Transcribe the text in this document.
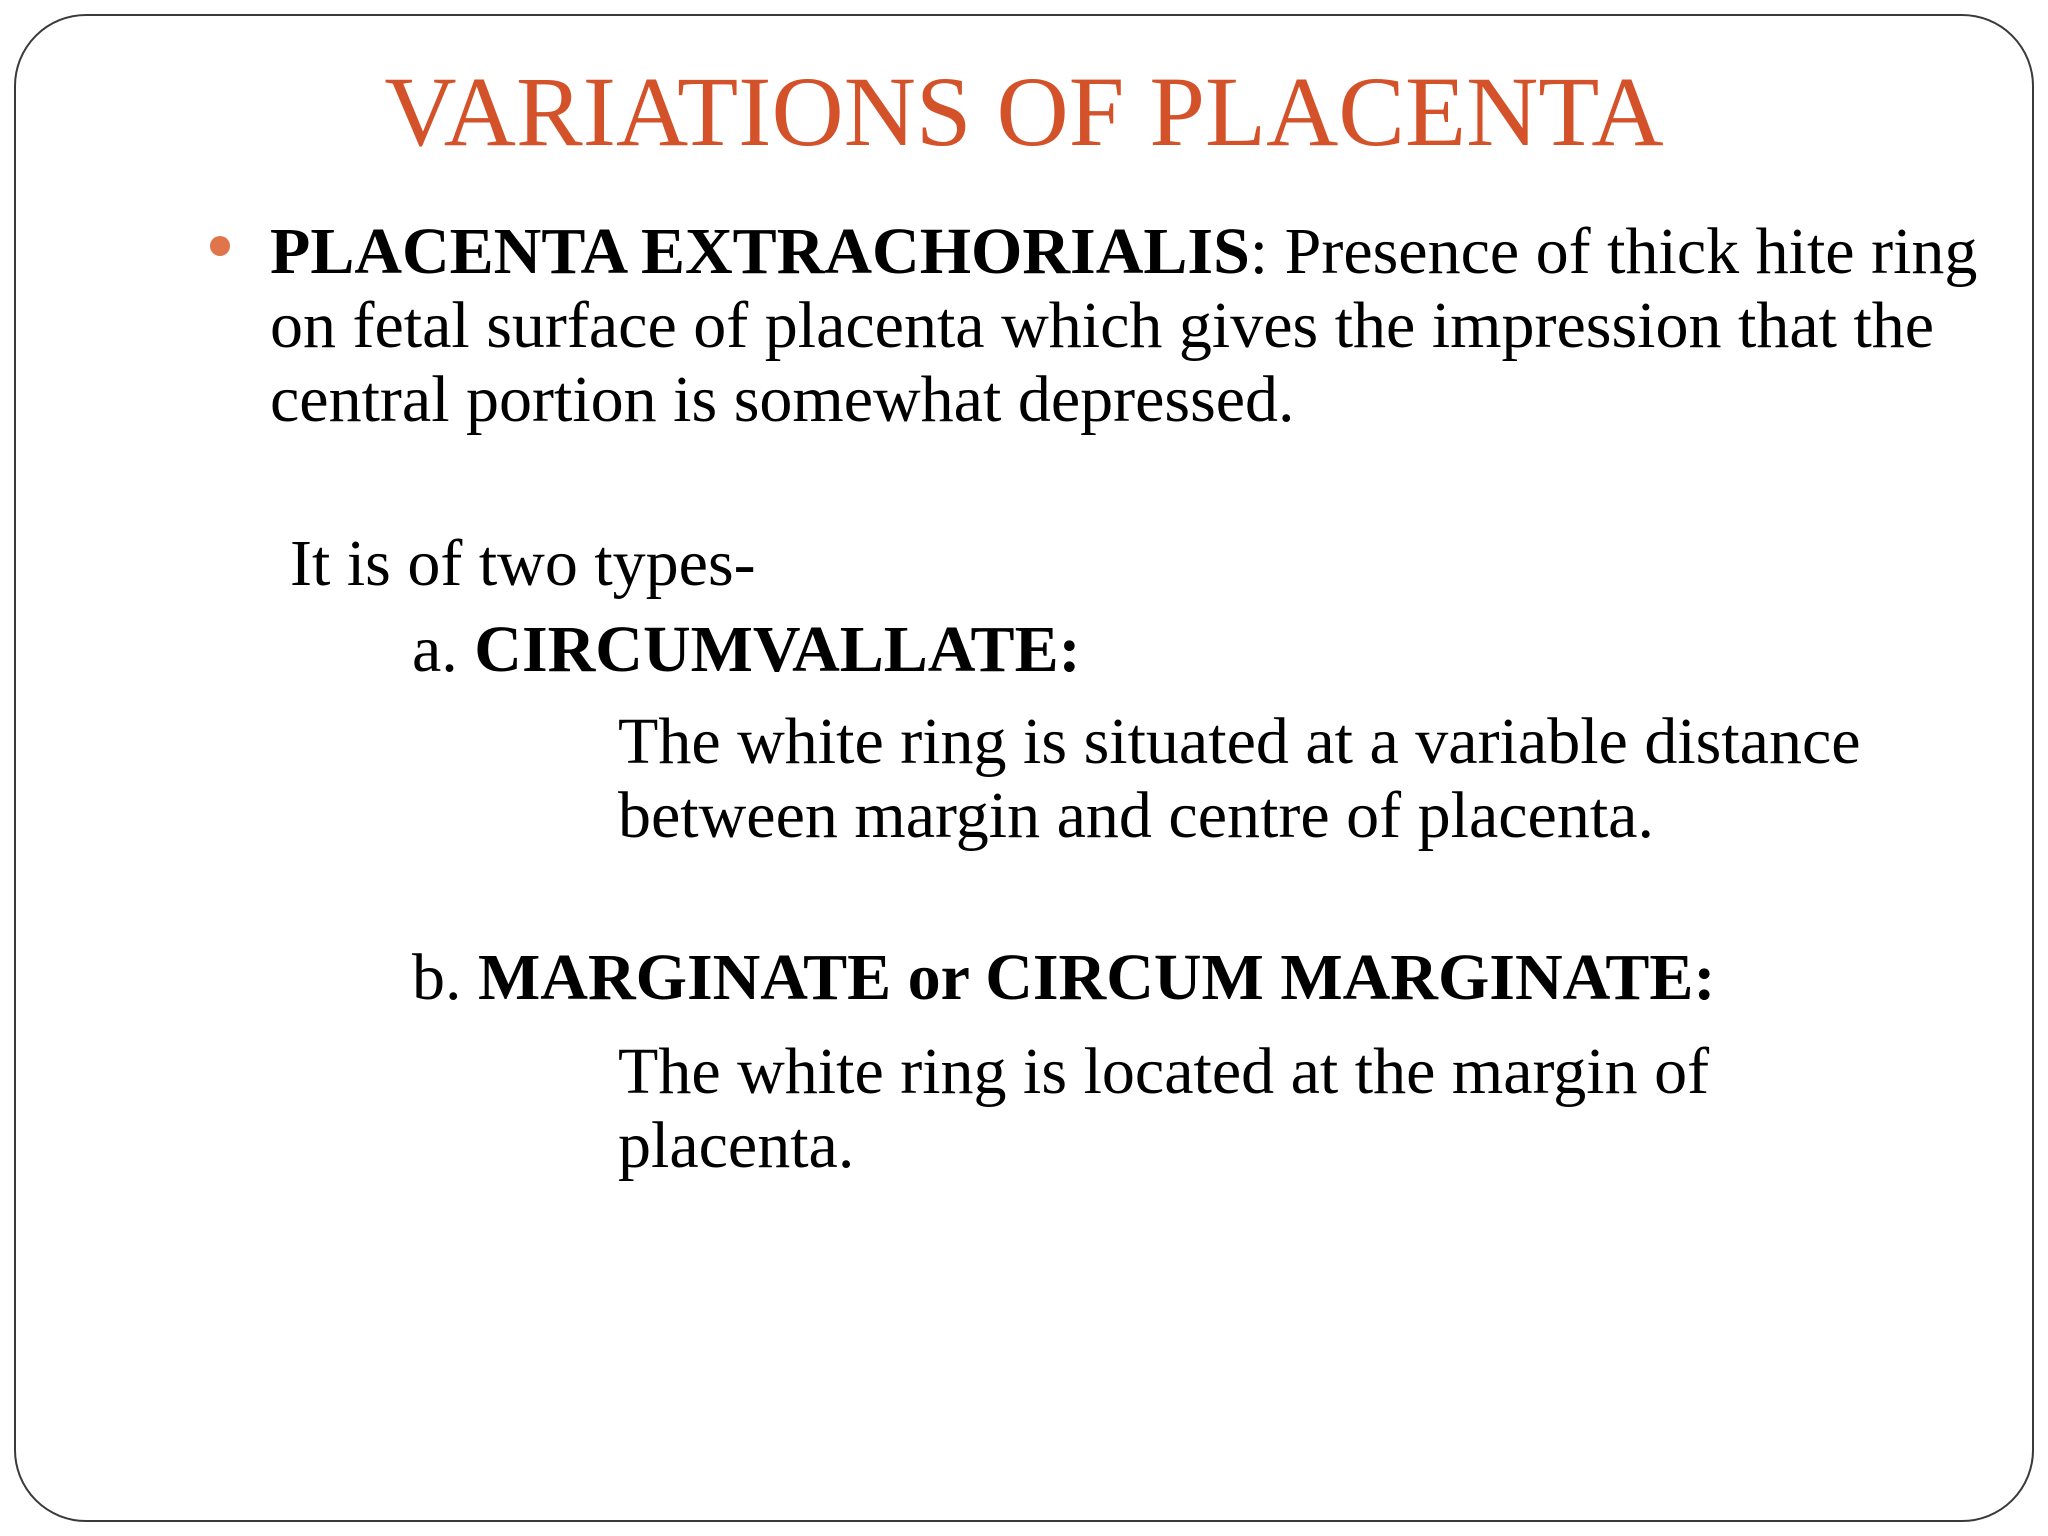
VARIATIONS OF PLACENTA
PLACENTA EXTRACHORIALIS: Presence of thick hite ring on fetal surface of placenta which gives the impression that the central portion is somewhat depressed.
It is of two types-
a. CIRCUMVALLATE:
The white ring is situated at a variable distance between margin and centre of placenta.
b. MARGINATE or CIRCUM MARGINATE:
The white ring is located at the margin of placenta.
